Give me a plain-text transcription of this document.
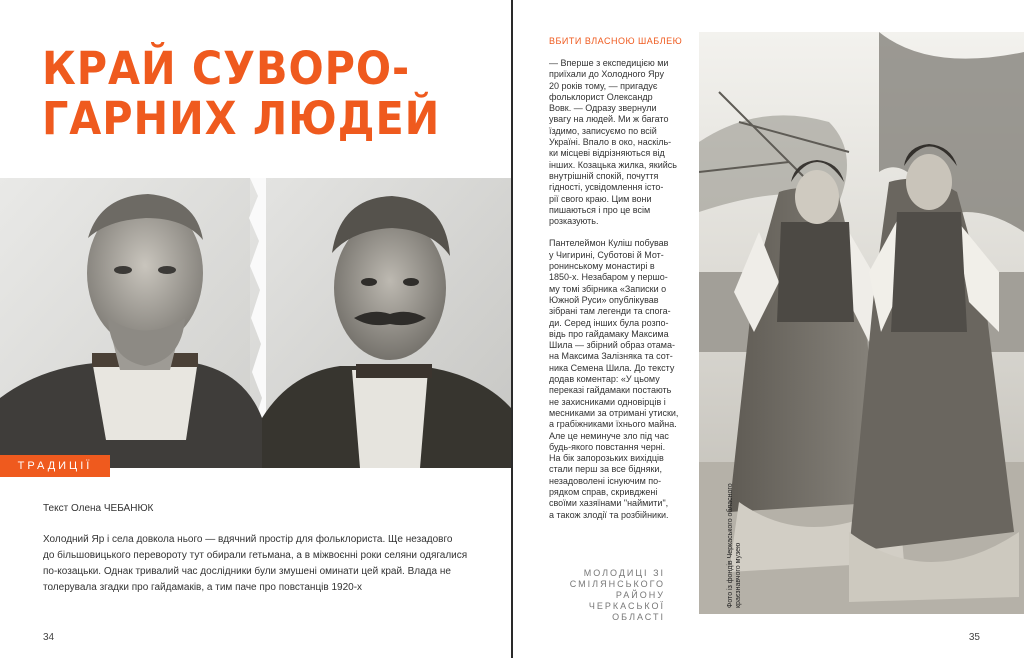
КРАЙ СУВОРО-
ГАРНИХ ЛЮДЕЙ
ТРАДИЦІЇ
Текст Олена ЧЕБАНЮК

Холодний Яр і села довкола нього — вдячний простір для фольклориста. Ще незадовго
до більшовицького перевороту тут обирали гетьмана, а в міжвоєнні роки селяни одягалися
по-козацьки. Однак тривалий час дослідники були змушені оминати цей край. Влада не
толерувала згадки про гайдамаків, а тим паче про повстанців 1920-х

34
ВБИТИ ВЛАСНОЮ ШАБЛЕЮ

— Вперше з експедицією ми
приїхали до Холодного Яру
20 років тому, — пригадує
фольклорист Олександр
Вовк. — Одразу звернули
увагу на людей. Ми ж багато
їздимо, записуємо по всій
Україні. Впало в око, наскіль-
ки місцеві відрізняються від
інших. Козацька жилка, якийсь
внутрішній спокій, почуття
гідності, усвідомлення істо-
рії свого краю. Цим вони
пишаються і про це всім
розказують.
Пантелеймон Куліш побував
у Чигирині, Суботові й Мот-
ронинському монастирі в
1850-х. Незабаром у першо-
му томі збірника «Записки о
Южной Руси» опублікував
зібрані там легенди та спога-
ди. Серед інших була розпо-
відь про гайдамаку Максима
Шила — збірний образ отама-
на Максима Залізняка та сот-
ника Семена Шила. До тексту
додав коментар: «У цьому
переказі гайдамаки постають
не захисниками одновірців і
месниками за отримані утиски,
а грабіжниками їхнього майна.
Але це неминуче зло під час
будь-якого повстання черні.
На бік запорозьких вихідців
стали перш за все бідняки,
незадоволені існуючим по-
рядком справ, скривджені
своїми хазяїнами "наймити",
а також злодії та розбійники.

МОЛОДИЦІ ЗІ
СМІЛЯНСЬКОГО
РАЙОНУ
ЧЕРКАСЬКОЇ
ОБЛАСТІ

Фото із фондів Черкаського обласного краєзнавчого музею
35
